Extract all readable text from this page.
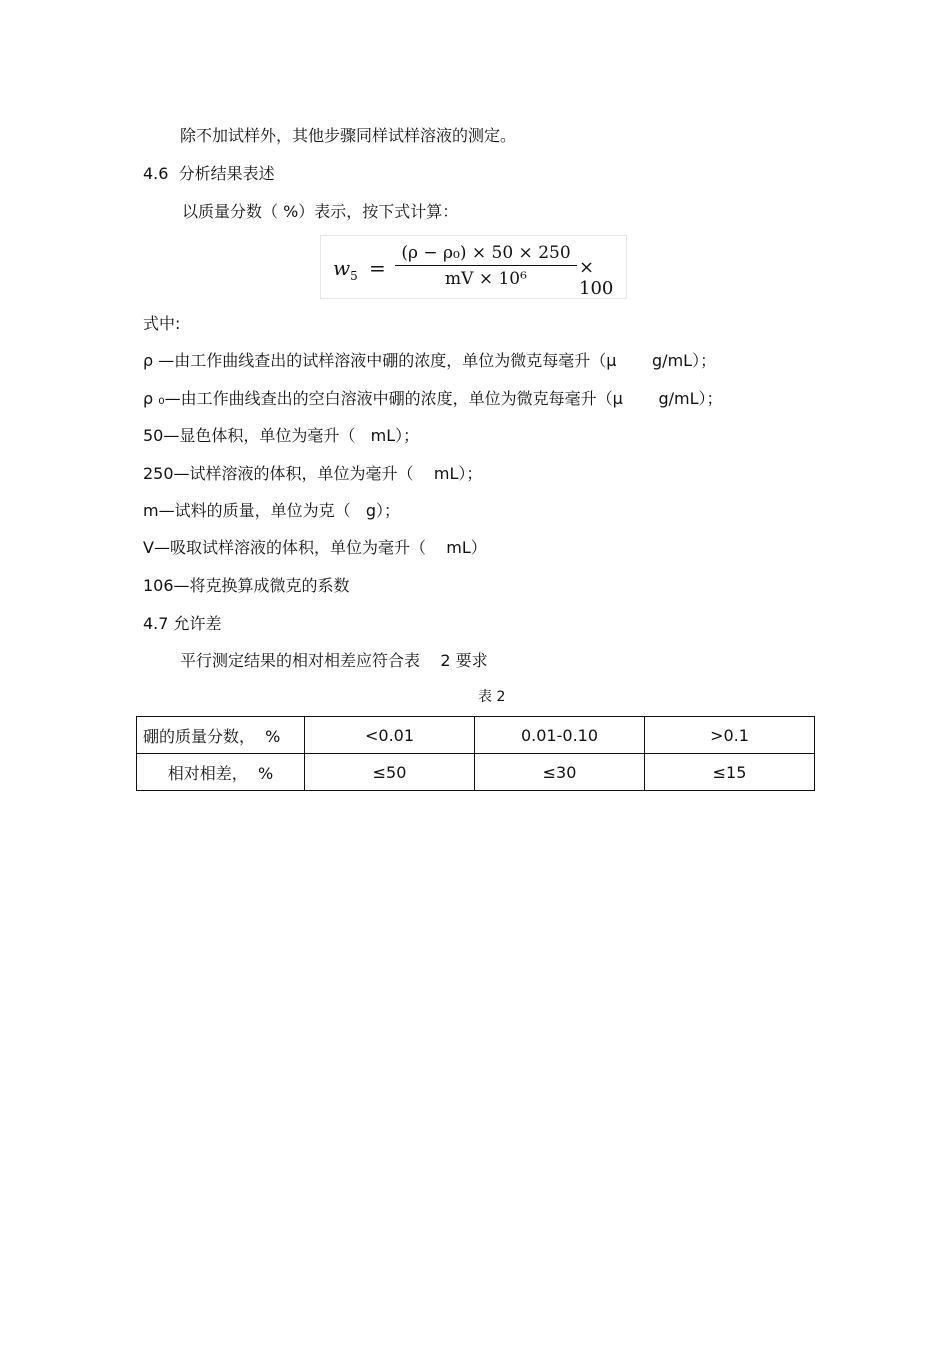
除不加试样外，其他步骤同样试样溶液的测定。
4.6 分析结果表述
以质量分数（ %）表示，按下式计算：
$w_5$ =
(ρ − ρ₀) × 50 × 250
mV × 10⁶
× 100
式中:
ρ —由工作曲线查出的试样溶液中硼的浓度，单位为微克每毫升（μ       g/mL）；
ρ ₀—由工作曲线查出的空白溶液中硼的浓度，单位为微克每毫升（μ       g/mL）；
50—显色体积，单位为毫升（   mL）；
250—试样溶液的体积，单位为毫升（    mL）；
m—试料的质量，单位为克（   g）；
V—吸取试样溶液的体积，单位为毫升（    mL）
106—将克换算成微克的系数
4.7 允许差
平行测定结果的相对相差应符合表    2 要求
表 2
硼的质量分数，  %	<0.01	0.01-0.10	>0.1
相对相差，  %	≤50	≤30	≤15
